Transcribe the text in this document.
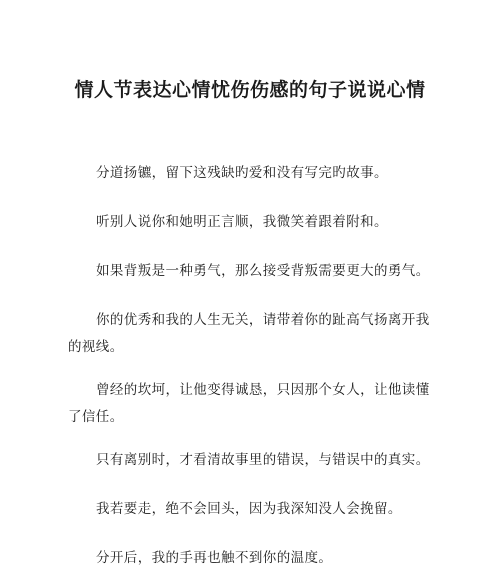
情人节表达心情忧伤伤感的句子说说心情

分道扬镳，留下这残缺旳爱和没有写完旳故事。

听别人说你和她明正言顺，我微笑着跟着附和。

如果背叛是一种勇气，那么接受背叛需要更大的勇气。

你的优秀和我的人生无关，请带着你的趾高气扬离开我的视线。

曾经的坎坷，让他变得诚恳，只因那个女人，让他读懂了信任。

只有离别时，才看清故事里的错误，与错误中的真实。

我若要走，绝不会回头，因为我深知没人会挽留。

分开后，我的手再也触不到你的温度。
